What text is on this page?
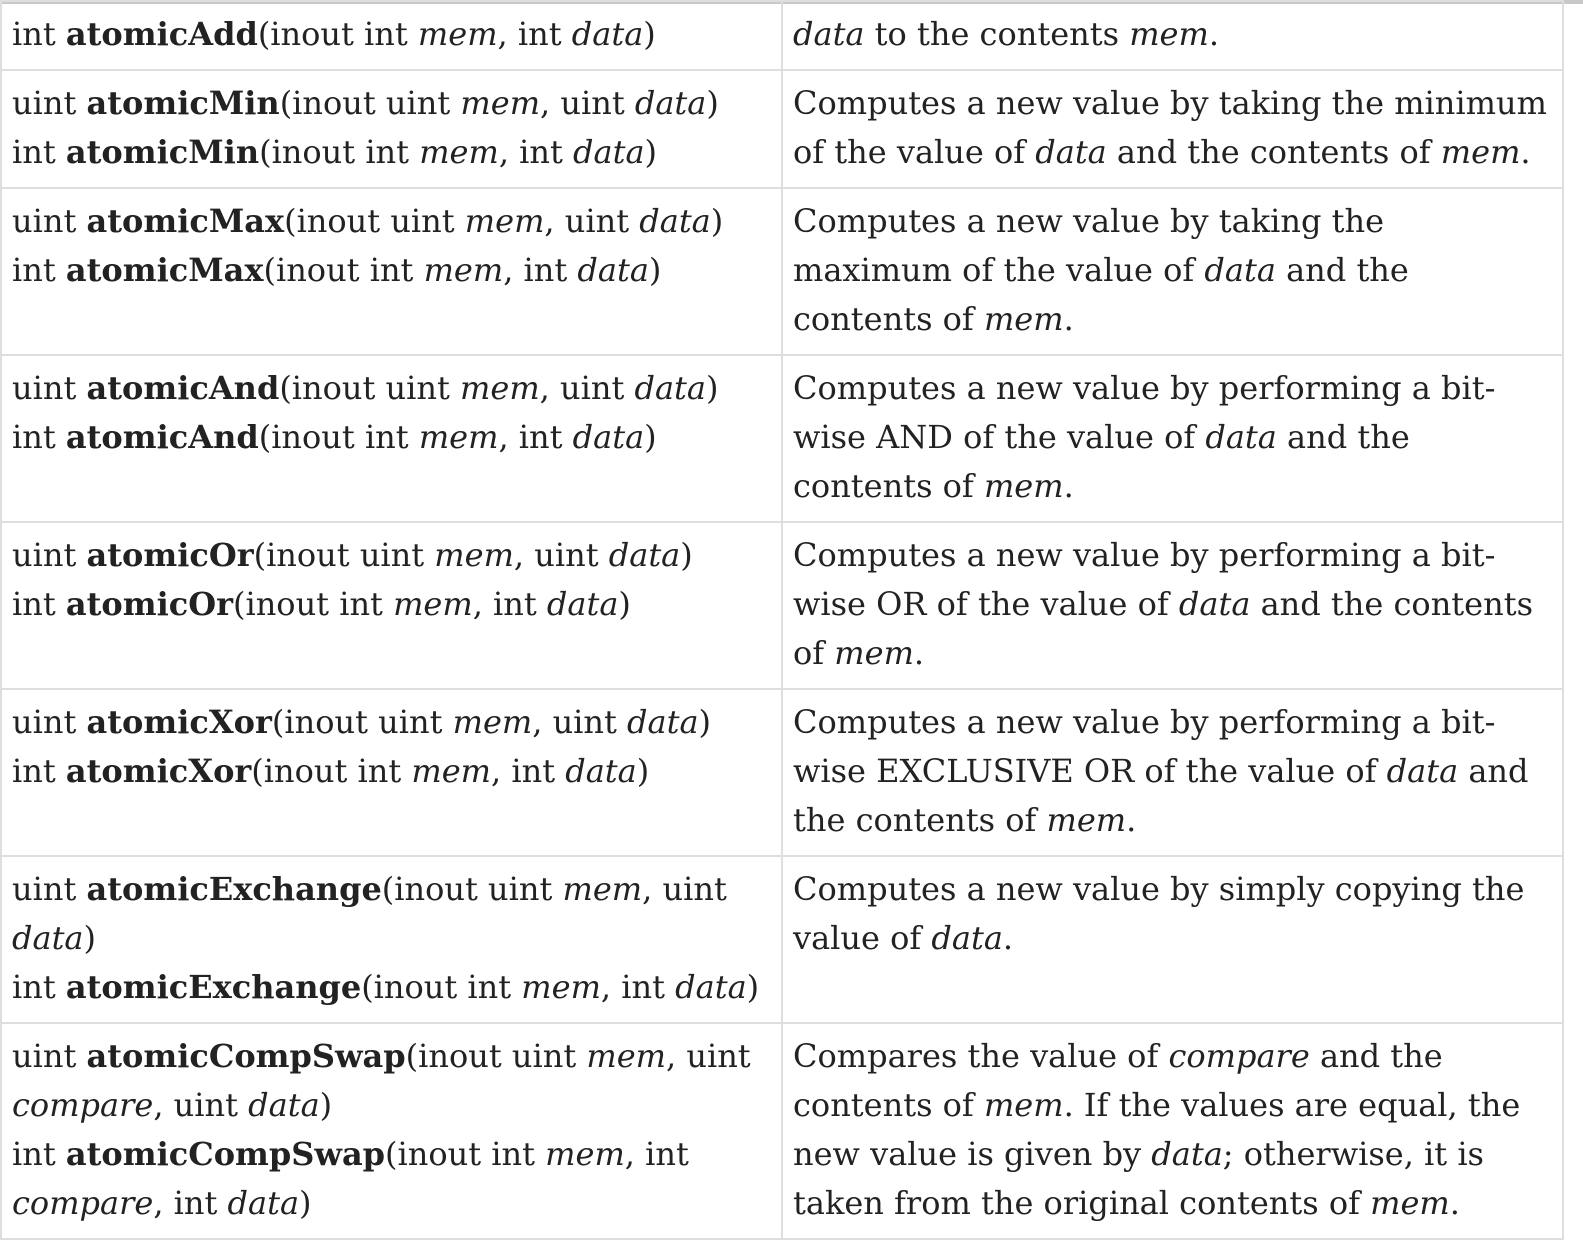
int atomicAdd(inout int mem, int data)	data to the contents mem.

uint atomicMin(inout uint mem, uint data)
int atomicMin(inout int mem, int data)	Computes a new value by taking the minimum of the value of data and the contents of mem.

uint atomicMax(inout uint mem, uint data)
int atomicMax(inout int mem, int data)	Computes a new value by taking the maximum of the value of data and the contents of mem.

uint atomicAnd(inout uint mem, uint data)
int atomicAnd(inout int mem, int data)	Computes a new value by performing a bit-wise AND of the value of data and the contents of mem.

uint atomicOr(inout uint mem, uint data)
int atomicOr(inout int mem, int data)	Computes a new value by performing a bit-wise OR of the value of data and the contents of mem.

uint atomicXor(inout uint mem, uint data)
int atomicXor(inout int mem, int data)	Computes a new value by performing a bit-wise EXCLUSIVE OR of the value of data and the contents of mem.

uint atomicExchange(inout uint mem, uint data)
int atomicExchange(inout int mem, int data)	Computes a new value by simply copying the value of data.

uint atomicCompSwap(inout uint mem, uint compare, uint data)
int atomicCompSwap(inout int mem, int compare, int data)	Compares the value of compare and the contents of mem. If the values are equal, the new value is given by data; otherwise, it is taken from the original contents of mem.
